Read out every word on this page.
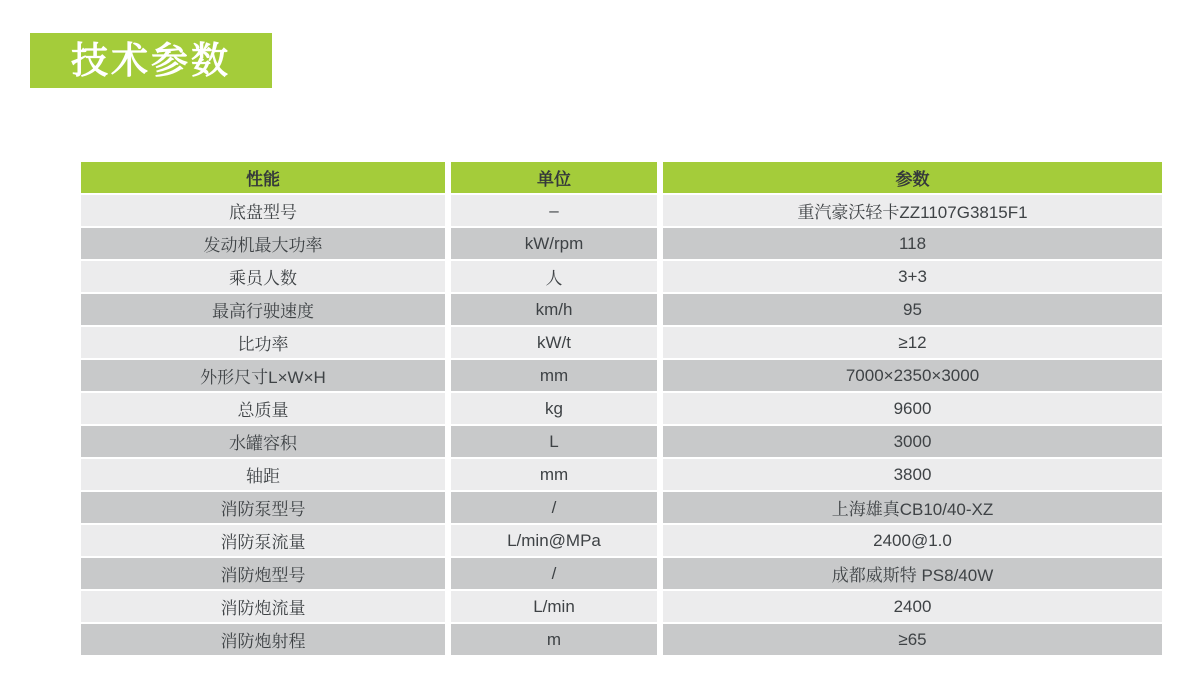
技术参数
性能	单位	参数
底盘型号	–	重汽豪沃轻卡ZZ1107G3815F1
发动机最大功率	kW/rpm	118
乘员人数	人	3+3
最高行驶速度	km/h	95
比功率	kW/t	≥12
外形尺寸L×W×H	mm	7000×2350×3000
总质量	kg	9600
水罐容积	L	3000
轴距	mm	3800
消防泵型号	/	上海雄真CB10/40-XZ
消防泵流量	L/min@MPa	2400@1.0
消防炮型号	/	成都威斯特 PS8/40W
消防炮流量	L/min	2400
消防炮射程	m	≥65
